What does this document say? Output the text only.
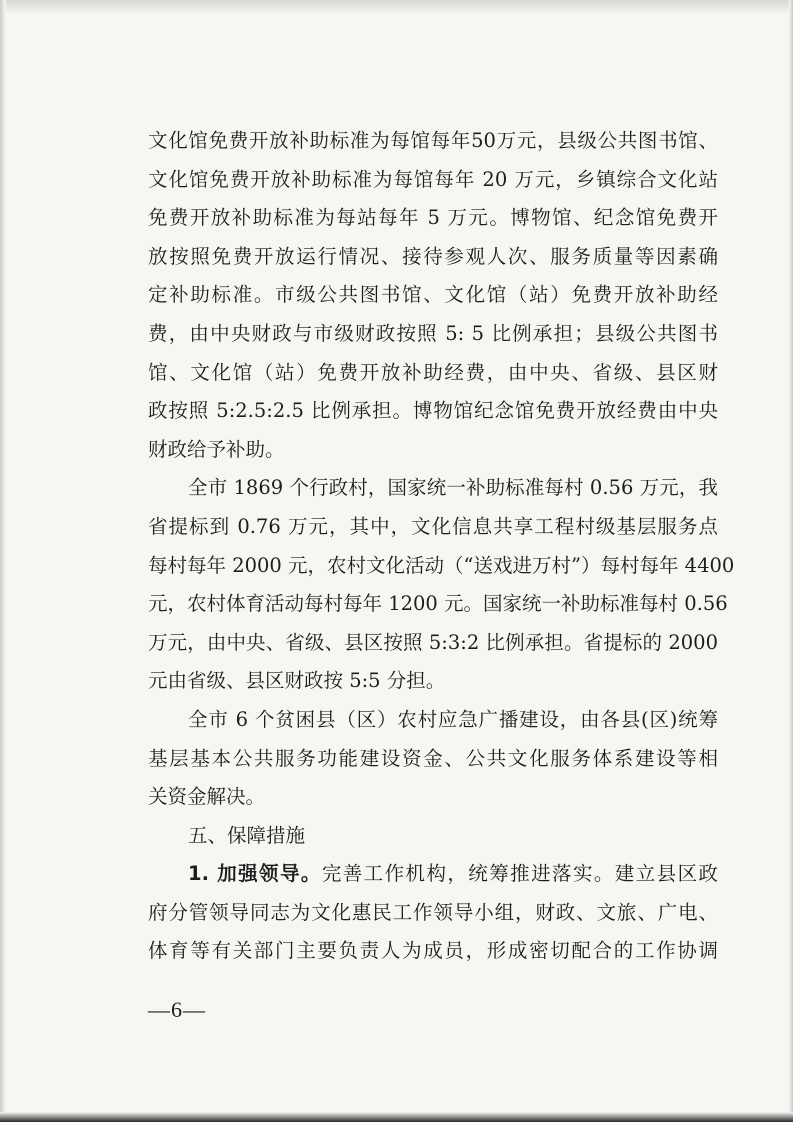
文化馆免费开放补助标准为每馆每年50万元，县级公共图书馆、
文化馆免费开放补助标准为每馆每年 20 万元，乡镇综合文化站
免费开放补助标准为每站每年 5 万元。博物馆、纪念馆免费开
放按照免费开放运行情况、接待参观人次、服务质量等因素确
定补助标准。市级公共图书馆、文化馆（站）免费开放补助经
费，由中央财政与市级财政按照 5: 5 比例承担；县级公共图书
馆、文化馆（站）免费开放补助经费，由中央、省级、县区财
政按照 5:2.5:2.5 比例承担。博物馆纪念馆免费开放经费由中央
财政给予补助。
全市 1869 个行政村，国家统一补助标准每村 0.56 万元，我
省提标到 0.76 万元，其中，文化信息共享工程村级基层服务点
每村每年 2000 元，农村文化活动（“送戏进万村”）每村每年 4400
元，农村体育活动每村每年 1200 元。国家统一补助标准每村 0.56
万元，由中央、省级、县区按照 5:3:2 比例承担。省提标的 2000
元由省级、县区财政按 5:5 分担。
全市 6 个贫困县（区）农村应急广播建设，由各县(区)统筹
基层基本公共服务功能建设资金、公共文化服务体系建设等相
关资金解决。
五、保障措施
1. 加强领导。完善工作机构，统筹推进落实。建立县区政
府分管领导同志为文化惠民工作领导小组，财政、文旅、广电、
体育等有关部门主要负责人为成员，形成密切配合的工作协调
—6—
